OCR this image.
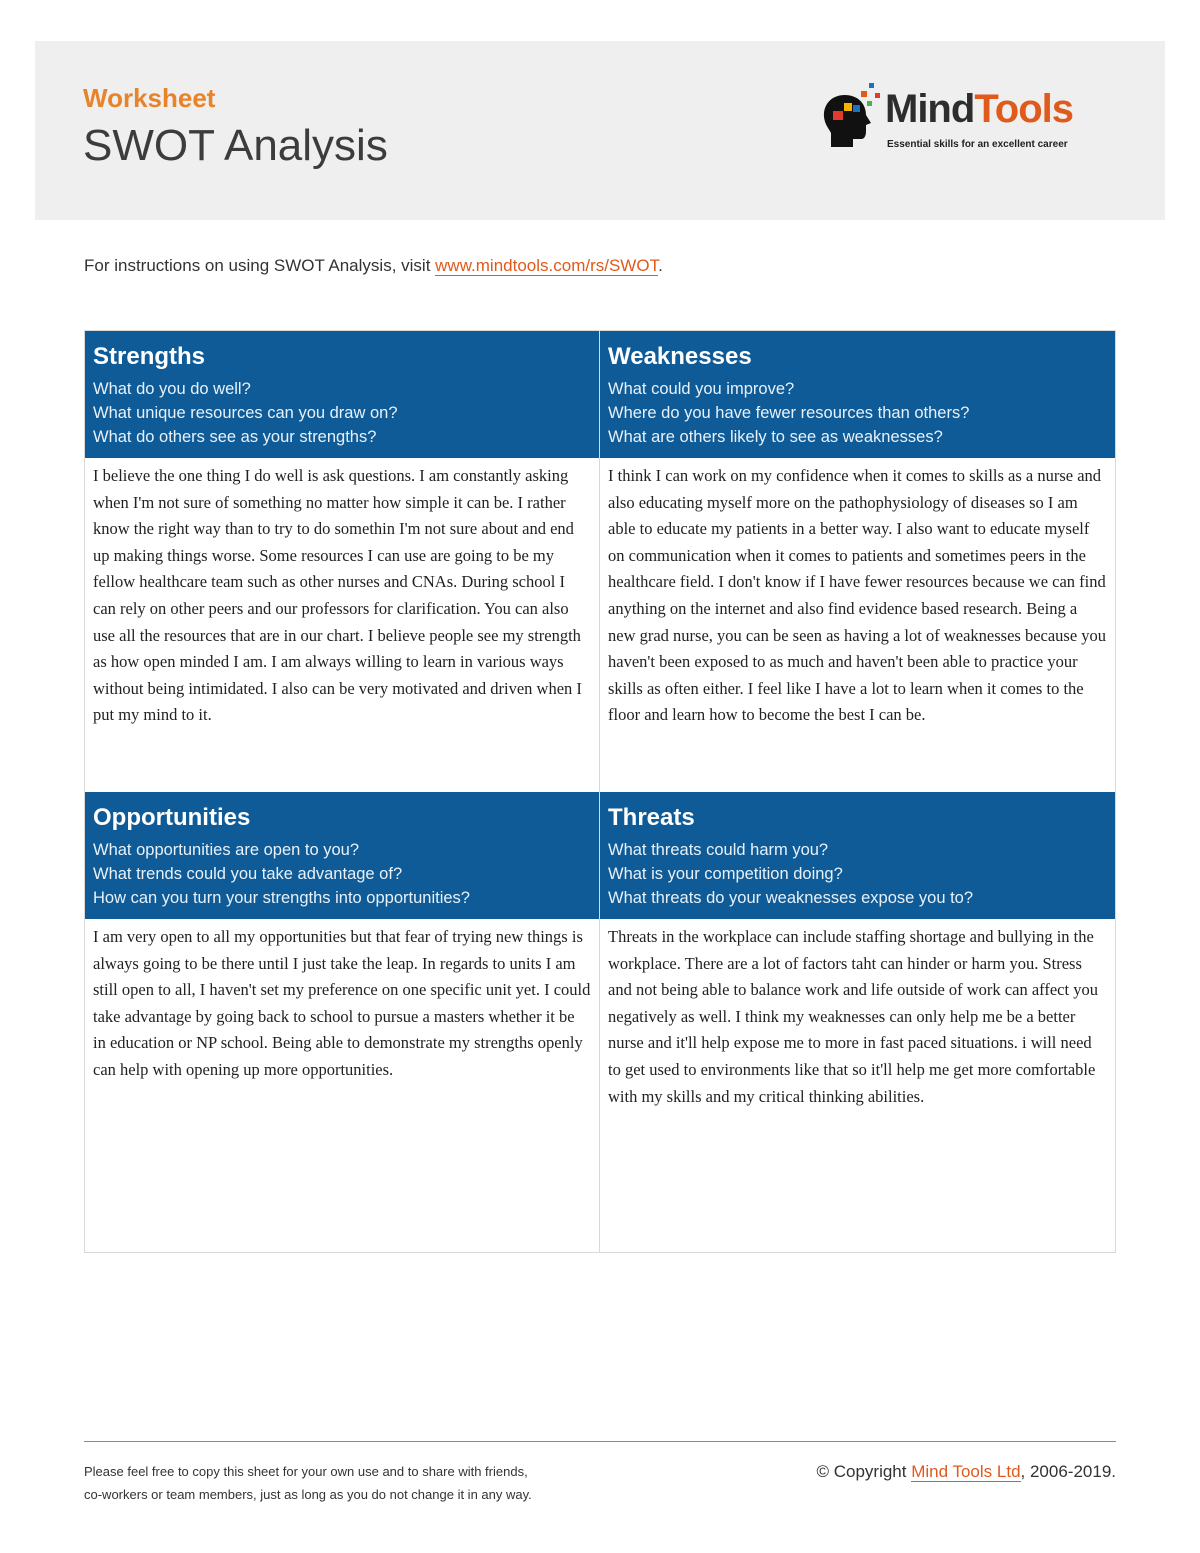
Worksheet
SWOT Analysis
MindTools
Essential skills for an excellent career
For instructions on using SWOT Analysis, visit www.mindtools.com/rs/SWOT.
Strengths

What do you do well?

What unique resources can you draw on?

What do others see as your strengths?

I believe the one thing I do well is ask questions. I am constantly asking when I'm not sure of something no matter how simple it can be. I rather know the right way than to try to do somethin I'm not sure about and end up making things worse. Some resources I can use are going to be my fellow healthcare team such as other nurses and CNAs. During school I can rely on other peers and our professors for clarification. You can also use all the resources that are in our chart. I believe people see my strength as how open minded I am. I am always willing to learn in various ways without being intimidated. I also can be very motivated and driven when I put my mind to it.
Weaknesses

What could you improve?

Where do you have fewer resources than others?

What are others likely to see as weaknesses?

I think I can work on my confidence when it comes to skills as a nurse and also educating myself more on the pathophysiology of diseases so I am able to educate my patients in a better way. I also want to educate myself on communication when it comes to patients and sometimes peers in the healthcare field. I don't know if I have fewer resources because we can find anything on the internet and also find evidence based research. Being a new grad nurse, you can be seen as having a lot of weaknesses because you haven't been exposed to as much and haven't been able to practice your skills as often either. I feel like I have a lot to learn when it comes to the floor and learn how to become the best I can be.
Opportunities

What opportunities are open to you?

What trends could you take advantage of?

How can you turn your strengths into opportunities?

I am very open to all my opportunities but that fear of trying new things is always going to be there until I just take the leap. In regards to units I am still open to all, I haven't set my preference on one specific unit yet. I could take advantage by going back to school to pursue a masters whether it be in education or NP school. Being able to demonstrate my strengths openly can help with opening up more opportunities.
Threats

What threats could harm you?

What is your competition doing?

What threats do your weaknesses expose you to?

Threats in the workplace can include staffing shortage and bullying in the workplace. There are a lot of factors taht can hinder or harm you. Stress and not being able to balance work and life outside of work can affect you negatively as well. I think my weaknesses can only help me be a better nurse and it'll help expose me to more in fast paced situations. i will need to get used to environments like that so it'll help me get more comfortable with my skills and my critical thinking abilities.
Please feel free to copy this sheet for your own use and to share with friends,
co-workers or team members, just as long as you do not change it in any way.
© Copyright Mind Tools Ltd, 2006-2019.
